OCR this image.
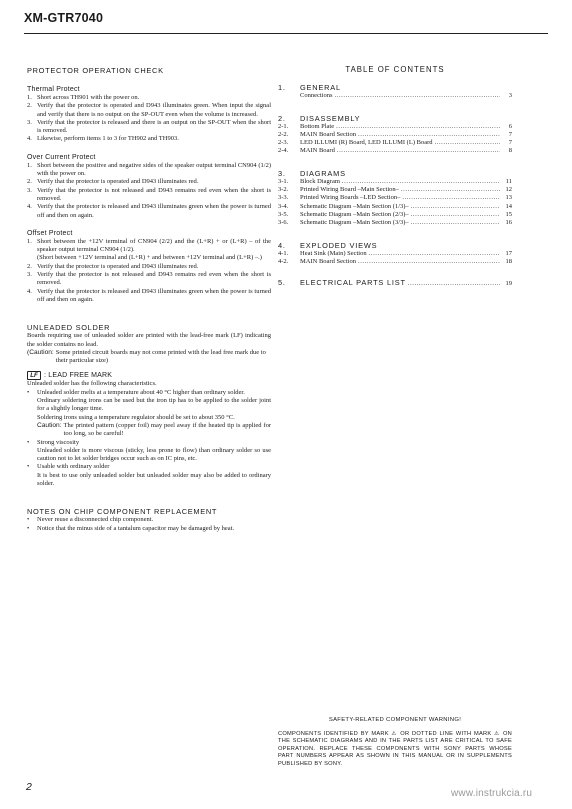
XM-GTR7040
PROTECTOR OPERATION CHECK
Thermal Protect
1. Short across TH901 with the power on.
2. Verify that the protector is operated and D943 illuminates green. When input the signal and verify that there is no output on the SP-OUT even when the volume is increased.
3. Verify that the protector is released and there is an output on the SP-OUT when the short is removed.
4. Likewise, perform items 1 to 3 for TH902 and TH903.
Over Current Protect
1. Short between the positive and negative sides of the speaker output terminal CN904 (1/2) with the power on.
2. Verify that the protector is operated and D943 illuminates red.
3. Verify that the protector is not released and D943 remains red even when the short is removed.
4. Verify that the protector is released and D943 illuminates green when the power is turned off and then on again.
Offset Protect
1. Short between the +12V terminal of CN904 (2/2) and the (L+R) + or (L+R) – of the speaker output terminal CN904 (1/2).
(Short between +12V terminal and (L+R) + and between +12V terminal and (L+R) –.)
2. Verify that the protector is operated and D943 illuminates red.
3. Verify that the protector is not released and D943 remains red even when the short is removed.
4. Verify that the protector is released and D943 illuminates green when the power is turned off and then on again.
UNLEADED SOLDER
Boards requiring use of unleaded solder are printed with the lead-free mark (LF) indicating the solder contains no lead.
(Caution: Some printed circuit boards may not come printed with the lead free mark due to their particular size)
LF : LEAD FREE MARK
Unleaded solder has the following characteristics.
•	Unleaded solder melts at a temperature about 40 °C higher than ordinary solder.
Ordinary soldering irons can be used but the iron tip has to be applied to the solder joint for a slightly longer time.
Soldering irons using a temperature regulator should be set to about 350 °C.
Caution: The printed pattern (copper foil) may peel away if the heated tip is applied for too long, so be careful!
•	Strong viscosity
Unleaded solder is more viscous (sticky, less prone to flow) than ordinary solder so use caution not to let solder bridges occur such as on IC pins, etc.
•	Usable with ordinary solder
It is best to use only unleaded solder but unleaded solder may also be added to ordinary solder.
NOTES ON CHIP COMPONENT REPLACEMENT
•	Never reuse a disconnected chip component.
•	Notice that the minus side of a tantalum capacitor may be damaged by heat.
TABLE OF CONTENTS
1.	GENERAL
Connections .....	3
2.	DISASSEMBLY
2-1.	Bottom Plate .....	6
2-2.	MAIN Board Section .....	7
2-3.	LED ILLUMI (R) Board, LED ILLUMI (L) Board .....	7
2-4.	MAIN Board .....	8
3.	DIAGRAMS
3-1.	Block Diagram .....	11
3-2.	Printed Wiring Board –Main Section– .....	12
3-3.	Printed Wiring Boards –LED Section– .....	13
3-4.	Schematic Diagram –Main Section (1/3)– .....	14
3-5.	Schematic Diagram –Main Section (2/3)– .....	15
3-6.	Schematic Diagram –Main Section (3/3)– .....	16
4.	EXPLODED VIEWS
4-1.	Heat Sink (Main) Section .....	17
4-2.	MAIN Board Section .....	18
5.	ELECTRICAL PARTS LIST .....	19
SAFETY-RELATED COMPONENT WARNING!
COMPONENTS IDENTIFIED BY MARK ⚠ OR DOTTED LINE WITH MARK ⚠ ON THE SCHEMATIC DIAGRAMS AND IN THE PARTS LIST ARE CRITICAL TO SAFE OPERATION. REPLACE THESE COMPONENTS WITH SONY PARTS WHOSE PART NUMBERS APPEAR AS SHOWN IN THIS MANUAL OR IN SUPPLEMENTS PUBLISHED BY SONY.
2
www.instrukcia.ru
